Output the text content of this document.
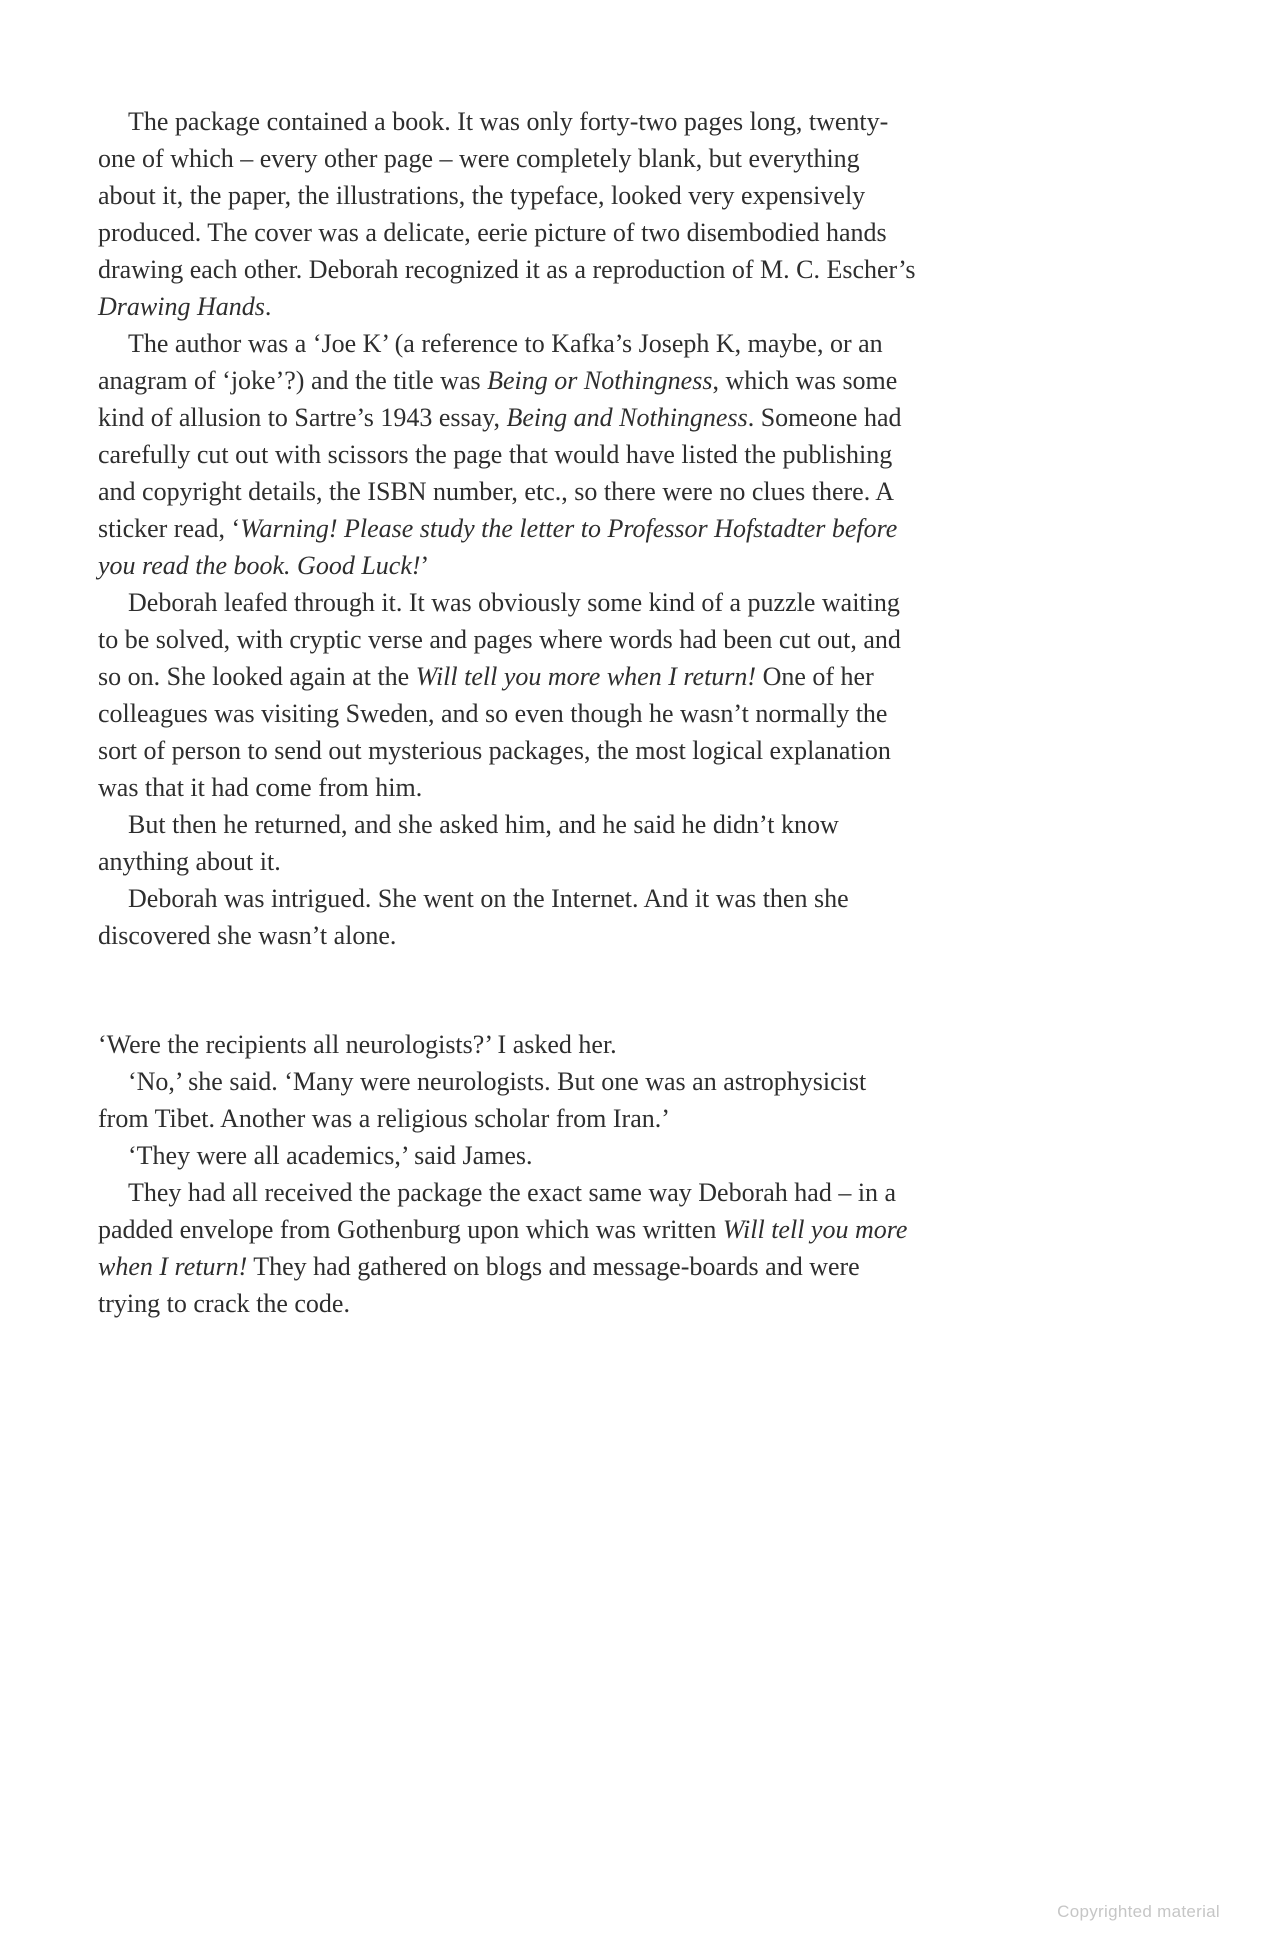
The package contained a book. It was only forty-two pages long, twenty-one of which – every other page – were completely blank, but everything about it, the paper, the illustrations, the typeface, looked very expensively produced. The cover was a delicate, eerie picture of two disembodied hands drawing each other. Deborah recognized it as a reproduction of M. C. Escher’s Drawing Hands.

The author was a ‘Joe K’ (a reference to Kafka’s Joseph K, maybe, or an anagram of ‘joke’?) and the title was Being or Nothingness, which was some kind of allusion to Sartre’s 1943 essay, Being and Nothingness. Someone had carefully cut out with scissors the page that would have listed the publishing and copyright details, the ISBN number, etc., so there were no clues there. A sticker read, ‘Warning! Please study the letter to Professor Hofstadter before you read the book. Good Luck!’

Deborah leafed through it. It was obviously some kind of a puzzle waiting to be solved, with cryptic verse and pages where words had been cut out, and so on. She looked again at the Will tell you more when I return! One of her colleagues was visiting Sweden, and so even though he wasn’t normally the sort of person to send out mysterious packages, the most logical explanation was that it had come from him.

But then he returned, and she asked him, and he said he didn’t know anything about it.

Deborah was intrigued. She went on the Internet. And it was then she discovered she wasn’t alone.

‘Were the recipients all neurologists?’ I asked her.

‘No,’ she said. ‘Many were neurologists. But one was an astrophysicist from Tibet. Another was a religious scholar from Iran.’

‘They were all academics,’ said James.

They had all received the package the exact same way Deborah had – in a padded envelope from Gothenburg upon which was written Will tell you more when I return! They had gathered on blogs and message-boards and were trying to crack the code.

Copyrighted material
